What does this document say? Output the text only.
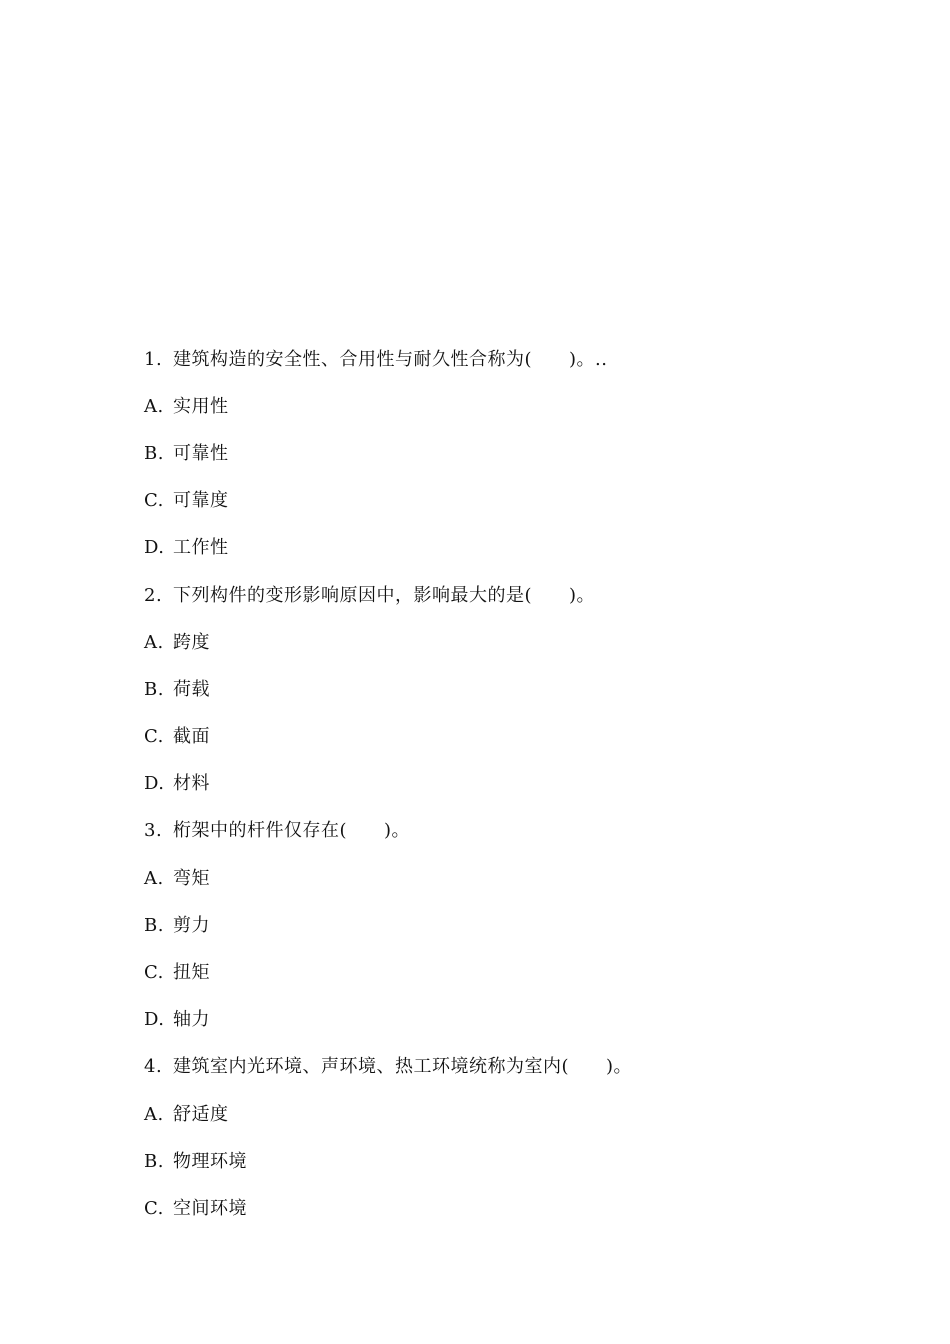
1. 建筑构造的安全性、合用性与耐久性合称为(　　)。..
A. 实用性
B. 可靠性
C. 可靠度
D. 工作性
2. 下列构件的变形影响原因中，影响最大的是(　　)。
A. 跨度
B. 荷载
C. 截面
D. 材料
3. 桁架中的杆件仅存在(　　)。
A. 弯矩
B. 剪力
C. 扭矩
D. 轴力
4. 建筑室内光环境、声环境、热工环境统称为室内(　　)。
A. 舒适度
B. 物理环境
C. 空间环境
